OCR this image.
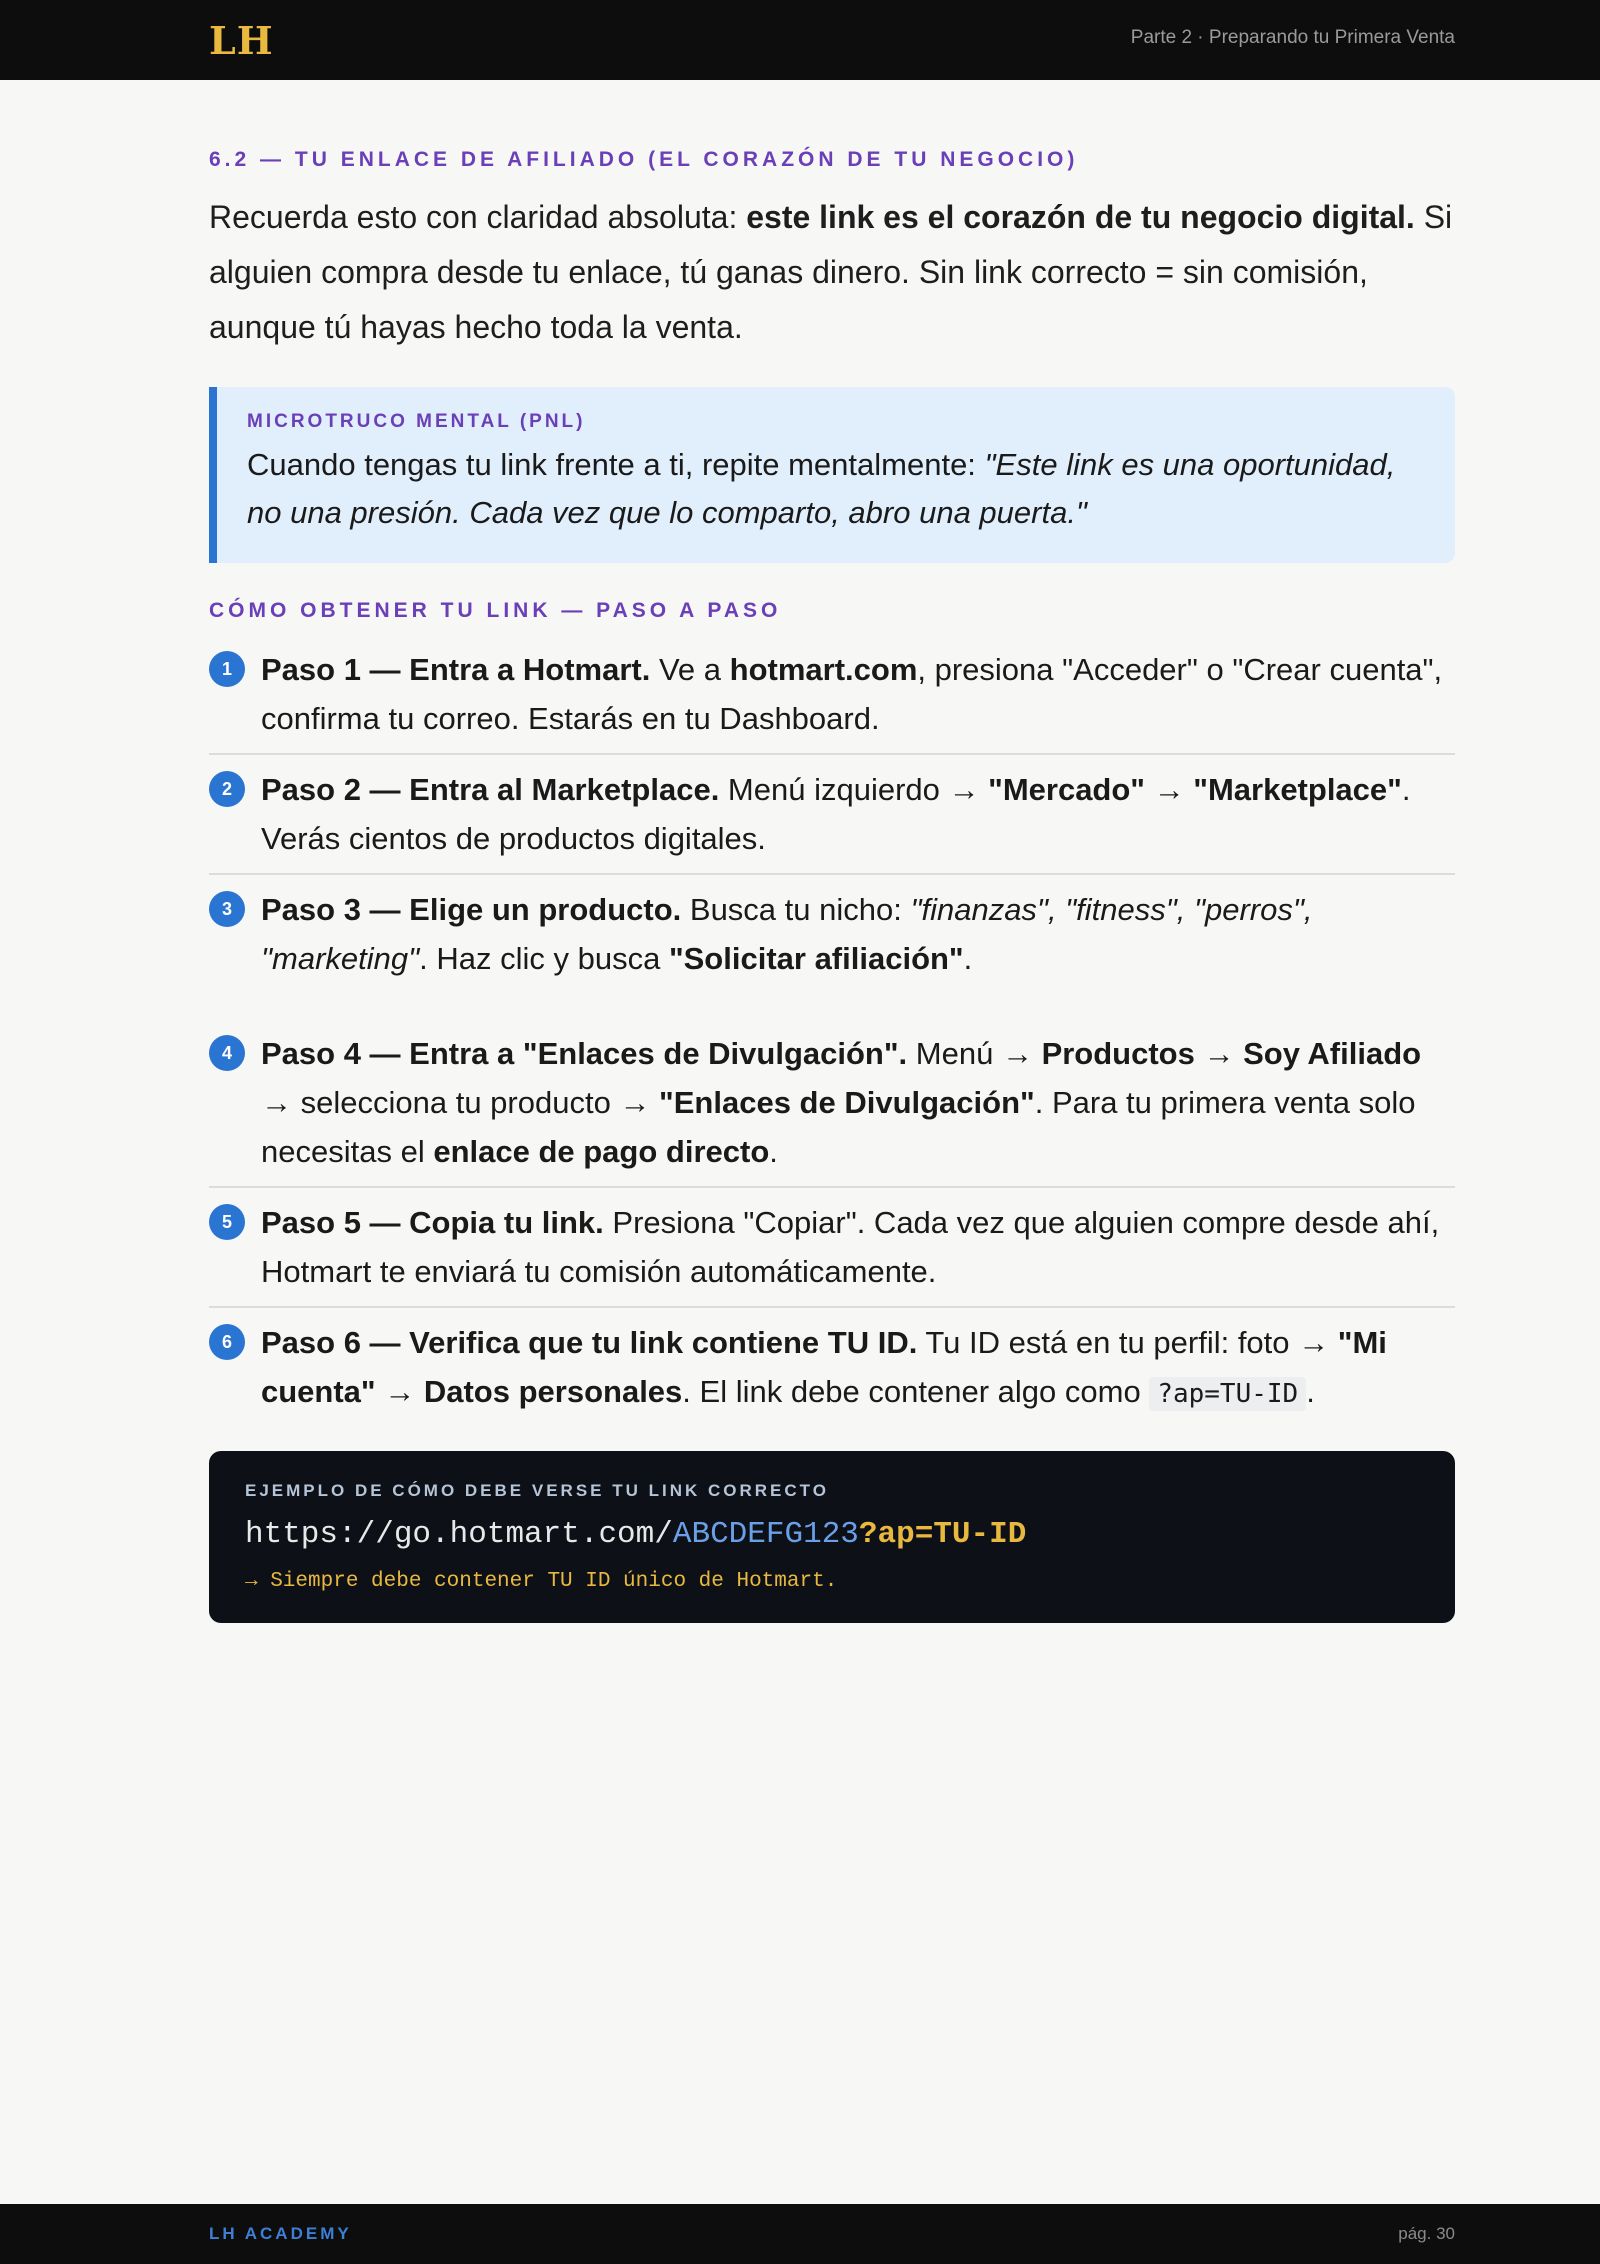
LH	Parte 2 · Preparando tu Primera Venta
6.2 — TU ENLACE DE AFILIADO (EL CORAZÓN DE TU NEGOCIO)

Recuerda esto con claridad absoluta: este link es el corazón de tu negocio digital. Si alguien compra desde tu enlace, tú ganas dinero. Sin link correcto = sin comisión, aunque tú hayas hecho toda la venta.

MICROTRUCO MENTAL (PNL)
Cuando tengas tu link frente a ti, repite mentalmente: "Este link es una oportunidad, no una presión. Cada vez que lo comparto, abro una puerta."
CÓMO OBTENER TU LINK — PASO A PASO
1 Paso 1 — Entra a Hotmart. Ve a hotmart.com, presiona "Acceder" o "Crear cuenta", confirma tu correo. Estarás en tu Dashboard.
2 Paso 2 — Entra al Marketplace. Menú izquierdo → "Mercado" → "Marketplace". Verás cientos de productos digitales.
3 Paso 3 — Elige un producto. Busca tu nicho: "finanzas", "fitness", "perros", "marketing". Haz clic y busca "Solicitar afiliación".
4 Paso 4 — Entra a "Enlaces de Divulgación". Menú → Productos → Soy Afiliado → selecciona tu producto → "Enlaces de Divulgación". Para tu primera venta solo necesitas el enlace de pago directo.
5 Paso 5 — Copia tu link. Presiona "Copiar". Cada vez que alguien compre desde ahí, Hotmart te enviará tu comisión automáticamente.
6 Paso 6 — Verifica que tu link contiene TU ID. Tu ID está en tu perfil: foto → "Mi cuenta" → Datos personales. El link debe contener algo como ?ap=TU-ID .
EJEMPLO DE CÓMO DEBE VERSE TU LINK CORRECTO
https://go.hotmart.com/ABCDEFG123?ap=TU-ID
→ Siempre debe contener TU ID único de Hotmart.
LH ACADEMY	pág. 30
